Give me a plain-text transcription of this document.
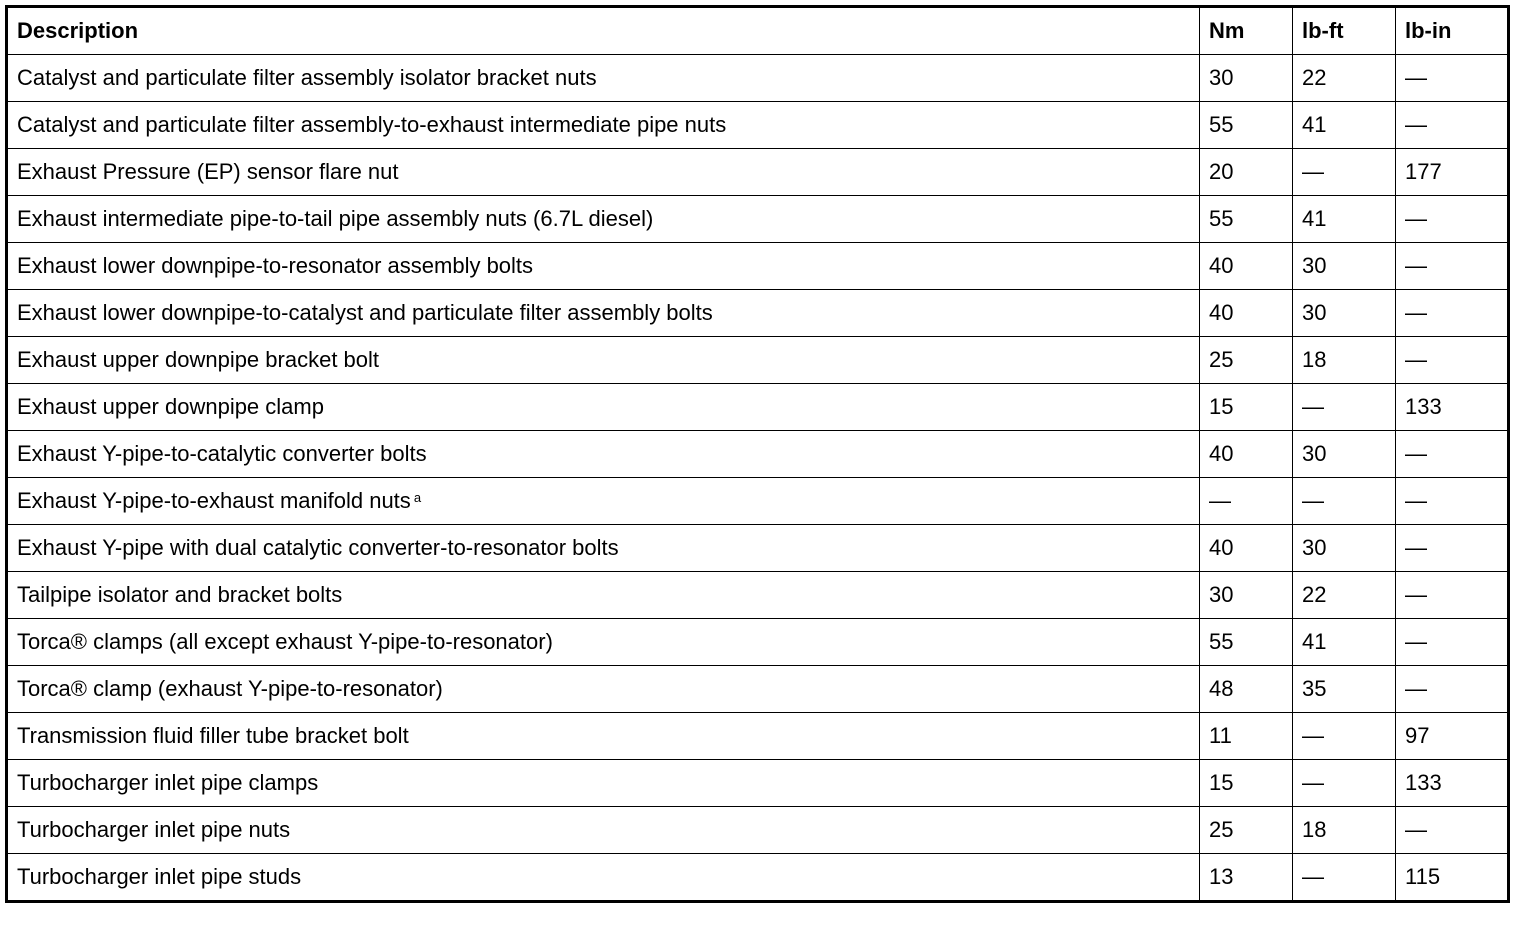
Description	Nm	lb-ft	lb-in
Catalyst and particulate filter assembly isolator bracket nuts	30	22	—
Catalyst and particulate filter assembly-to-exhaust intermediate pipe nuts	55	41	—
Exhaust Pressure (EP) sensor flare nut	20	—	177
Exhaust intermediate pipe-to-tail pipe assembly nuts (6.7L diesel)	55	41	—
Exhaust lower downpipe-to-resonator assembly bolts	40	30	—
Exhaust lower downpipe-to-catalyst and particulate filter assembly bolts	40	30	—
Exhaust upper downpipe bracket bolt	25	18	—
Exhaust upper downpipe clamp	15	—	133
Exhaust Y-pipe-to-catalytic converter bolts	40	30	—
Exhaust Y-pipe-to-exhaust manifold nuts $^a$	—	—	—
Exhaust Y-pipe with dual catalytic converter-to-resonator bolts	40	30	—
Tailpipe isolator and bracket bolts	30	22	—
Torca® clamps (all except exhaust Y-pipe-to-resonator)	55	41	—
Torca® clamp (exhaust Y-pipe-to-resonator)	48	35	—
Transmission fluid filler tube bracket bolt	11	—	97
Turbocharger inlet pipe clamps	15	—	133
Turbocharger inlet pipe nuts	25	18	—
Turbocharger inlet pipe studs	13	—	115
